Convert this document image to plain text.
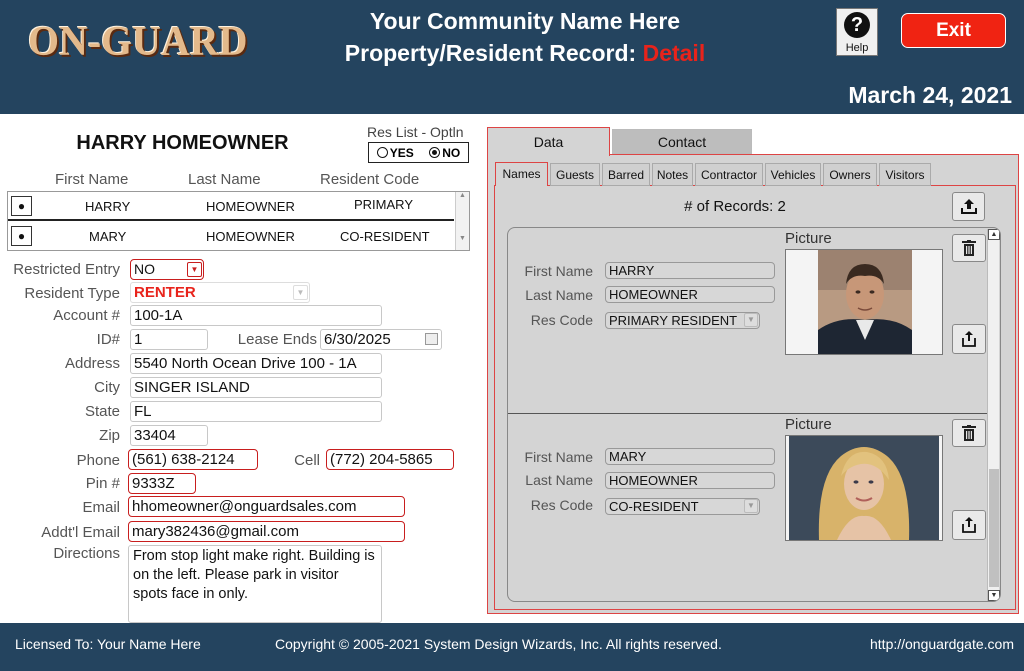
ON-GUARD	Your Community Name Here
Property/Resident Record: Detail
?
Help
Exit
March 24, 2021
HARRY HOMEOWNER	Res List - Optln
YES	NO
First Name	Last Name	Resident Code
●	HARRY	HOMEOWNER	PRIMARY
●	MARY	HOMEOWNER	CO-RESIDENT
▲
▼
Restricted Entry NO	▼
Resident Type RENTER	▼
Account # 100-1A
ID# 1	Lease Ends 6/30/2025
Address 5540 North Ocean Drive 100 - 1A
City SINGER ISLAND
State FL
Zip 33404
Phone (561) 638-2124	Cell (772) 204-5865
Pin # 9333Z
Email hhomeowner@onguardsales.com
Addt'l Email mary382436@gmail.com
Directions From stop light make right. Building is on the left. Please park in visitor spots face in only.
Data	Contact
Names	Guests	Barred	Notes	Contractor	Vehicles	Owners	Visitors
# of Records: 2
First Name	HARRY
Last Name	HOMEOWNER
Res Code	PRIMARY RESIDENT	▼
Picture
First Name	MARY
Last Name	HOMEOWNER
Res Code	CO-RESIDENT	▼
Picture
▲
▼
Licensed To: Your Name Here	Copyright © 2005-2021 System Design Wizards, Inc. All rights reserved.	http://onguardgate.com
